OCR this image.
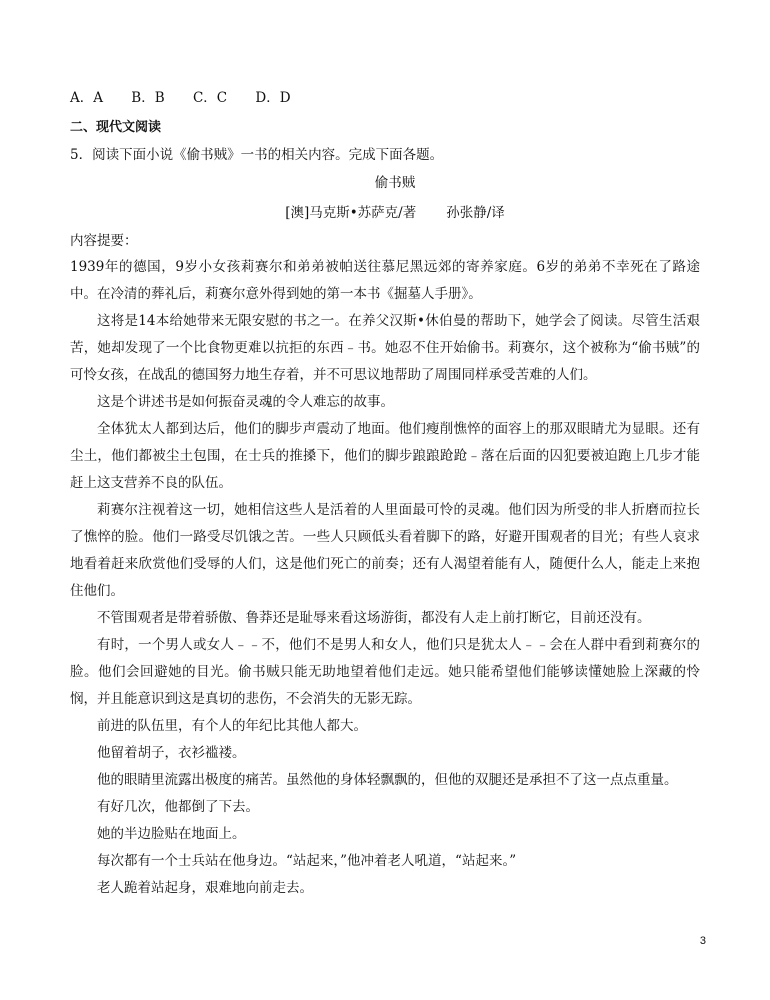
A．A B．B C．C D．D
二、现代文阅读
5．阅读下面小说《偷书贼》一书的相关内容。完成下面各题。
偷书贼
[澳]马克斯•苏萨克/著 孙张静/译
内容提要：
1939年的德国，9岁小女孩莉赛尔和弟弟被帕送往慕尼黑远郊的寄养家庭。6岁的弟弟不幸死在了路途中。在冷清的葬礼后，莉赛尔意外得到她的第一本书《掘墓人手册》。
这将是14本给她带来无限安慰的书之一。在养父汉斯•休伯曼的帮助下，她学会了阅读。尽管生活艰苦，她却发现了一个比食物更难以抗拒的东西﹣书。她忍不住开始偷书。莉赛尔，这个被称为“偷书贼”的可怜女孩，在战乱的德国努力地生存着，并不可思议地帮助了周围同样承受苦难的人们。
这是个讲述书是如何振奋灵魂的令人难忘的故事。
全体犹太人都到达后，他们的脚步声震动了地面。他们瘦削憔悴的面容上的那双眼睛尤为显眼。还有尘土，他们都被尘土包围，在士兵的推搡下，他们的脚步踉踉跄跄﹣落在后面的囚犯要被迫跑上几步才能赶上这支营养不良的队伍。
莉赛尔注视着这一切，她相信这些人是活着的人里面最可怜的灵魂。他们因为所受的非人折磨而拉长了憔悴的脸。他们一路受尽饥饿之苦。一些人只顾低头看着脚下的路，好避开围观者的目光；有些人哀求地看着赶来欣赏他们受辱的人们，这是他们死亡的前奏；还有人渴望着能有人，随便什么人，能走上来抱住他们。
不管围观者是带着骄傲、鲁莽还是耻辱来看这场游街，都没有人走上前打断它，目前还没有。
有时，一个男人或女人﹣﹣不，他们不是男人和女人，他们只是犹太人﹣﹣会在人群中看到莉赛尔的脸。他们会回避她的目光。偷书贼只能无助地望着他们走远。她只能希望他们能够读懂她脸上深藏的怜悯，并且能意识到这是真切的悲伤，不会消失的无影无踪。
前进的队伍里，有个人的年纪比其他人都大。
他留着胡子，衣衫褴褛。
他的眼睛里流露出极度的痛苦。虽然他的身体轻飘飘的，但他的双腿还是承担不了这一点点重量。
有好几次，他都倒了下去。
她的半边脸贴在地面上。
每次都有一个士兵站在他身边。“站起来，”他冲着老人吼道，“站起来。”
老人跪着站起身，艰难地向前走去。
3
